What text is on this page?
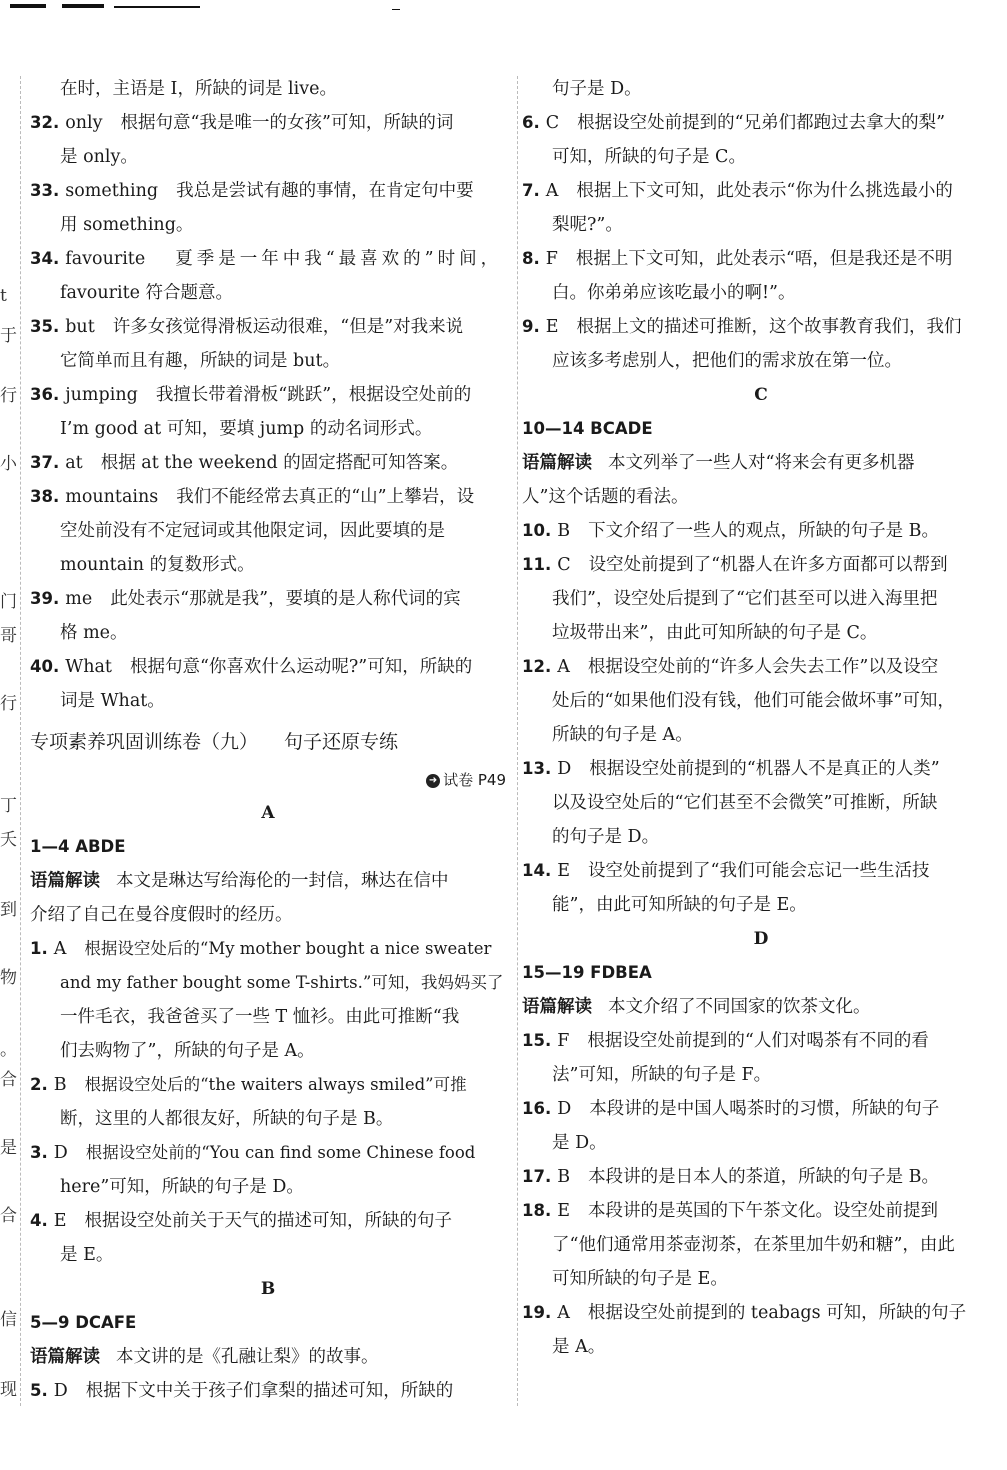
t
于
行
小
门
哥
行
丁
夭
到
物
。
合
是
合
信
现
在时，主语是 I，所缺的词是 live。
32. only 根据句意“我是唯一的女孩”可知，所缺的词
是 only。
33. something 我总是尝试有趣的事情，在肯定句中要
用 something。
34. favourite 夏季是一年中我“最喜欢的”时间，
favourite 符合题意。
35. but 许多女孩觉得滑板运动很难，“但是”对我来说
它简单而且有趣，所缺的词是 but。
36. jumping 我擅长带着滑板“跳跃”，根据设空处前的
I’m good at 可知，要填 jump 的动名词形式。
37. at 根据 at the weekend 的固定搭配可知答案。
38. mountains 我们不能经常去真正的“山”上攀岩，设
空处前没有不定冠词或其他限定词，因此要填的是
mountain 的复数形式。
39. me 此处表示“那就是我”，要填的是人称代词的宾
格 me。
40. What 根据句意“你喜欢什么运动呢?”可知，所缺的
词是 What。
专项素养巩固训练卷（九） 句子还原专练
➜ 试卷 P49
A
1—4 ABDE
语篇解读 本文是琳达写给海伦的一封信，琳达在信中
介绍了自己在曼谷度假时的经历。
1. A 根据设空处后的“My mother bought a nice sweater
and my father bought some T-shirts.”可知，我妈妈买了
一件毛衣，我爸爸买了一些 T 恤衫。由此可推断“我
们去购物了”，所缺的句子是 A。
2. B 根据设空处后的“the waiters always smiled”可推
断，这里的人都很友好，所缺的句子是 B。
3. D 根据设空处前的“You can find some Chinese food
here”可知，所缺的句子是 D。
4. E 根据设空处前关于天气的描述可知，所缺的句子
是 E。
B
5—9 DCAFE
语篇解读 本文讲的是《孔融让梨》的故事。
5. D 根据下文中关于孩子们拿梨的描述可知，所缺的
句子是 D。
6. C 根据设空处前提到的“兄弟们都跑过去拿大的梨”
可知，所缺的句子是 C。
7. A 根据上下文可知，此处表示“你为什么挑选最小的
梨呢?”。
8. F 根据上下文可知，此处表示“唔，但是我还是不明
白。你弟弟应该吃最小的啊!”。
9. E 根据上文的描述可推断，这个故事教育我们，我们
应该多考虑别人，把他们的需求放在第一位。
C
10—14 BCADE
语篇解读 本文列举了一些人对“将来会有更多机器
人”这个话题的看法。
10. B 下文介绍了一些人的观点，所缺的句子是 B。
11. C 设空处前提到了“机器人在许多方面都可以帮到
我们”，设空处后提到了“它们甚至可以进入海里把
垃圾带出来”，由此可知所缺的句子是 C。
12. A 根据设空处前的“许多人会失去工作”以及设空
处后的“如果他们没有钱，他们可能会做坏事”可知，
所缺的句子是 A。
13. D 根据设空处前提到的“机器人不是真正的人类”
以及设空处后的“它们甚至不会微笑”可推断，所缺
的句子是 D。
14. E 设空处前提到了“我们可能会忘记一些生活技
能”，由此可知所缺的句子是 E。
D
15—19 FDBEA
语篇解读 本文介绍了不同国家的饮茶文化。
15. F 根据设空处前提到的“人们对喝茶有不同的看
法”可知，所缺的句子是 F。
16. D 本段讲的是中国人喝茶时的习惯，所缺的句子
是 D。
17. B 本段讲的是日本人的茶道，所缺的句子是 B。
18. E 本段讲的是英国的下午茶文化。设空处前提到
了“他们通常用茶壶沏茶，在茶里加牛奶和糖”，由此
可知所缺的句子是 E。
19. A 根据设空处前提到的 teabags 可知，所缺的句子
是 A。
